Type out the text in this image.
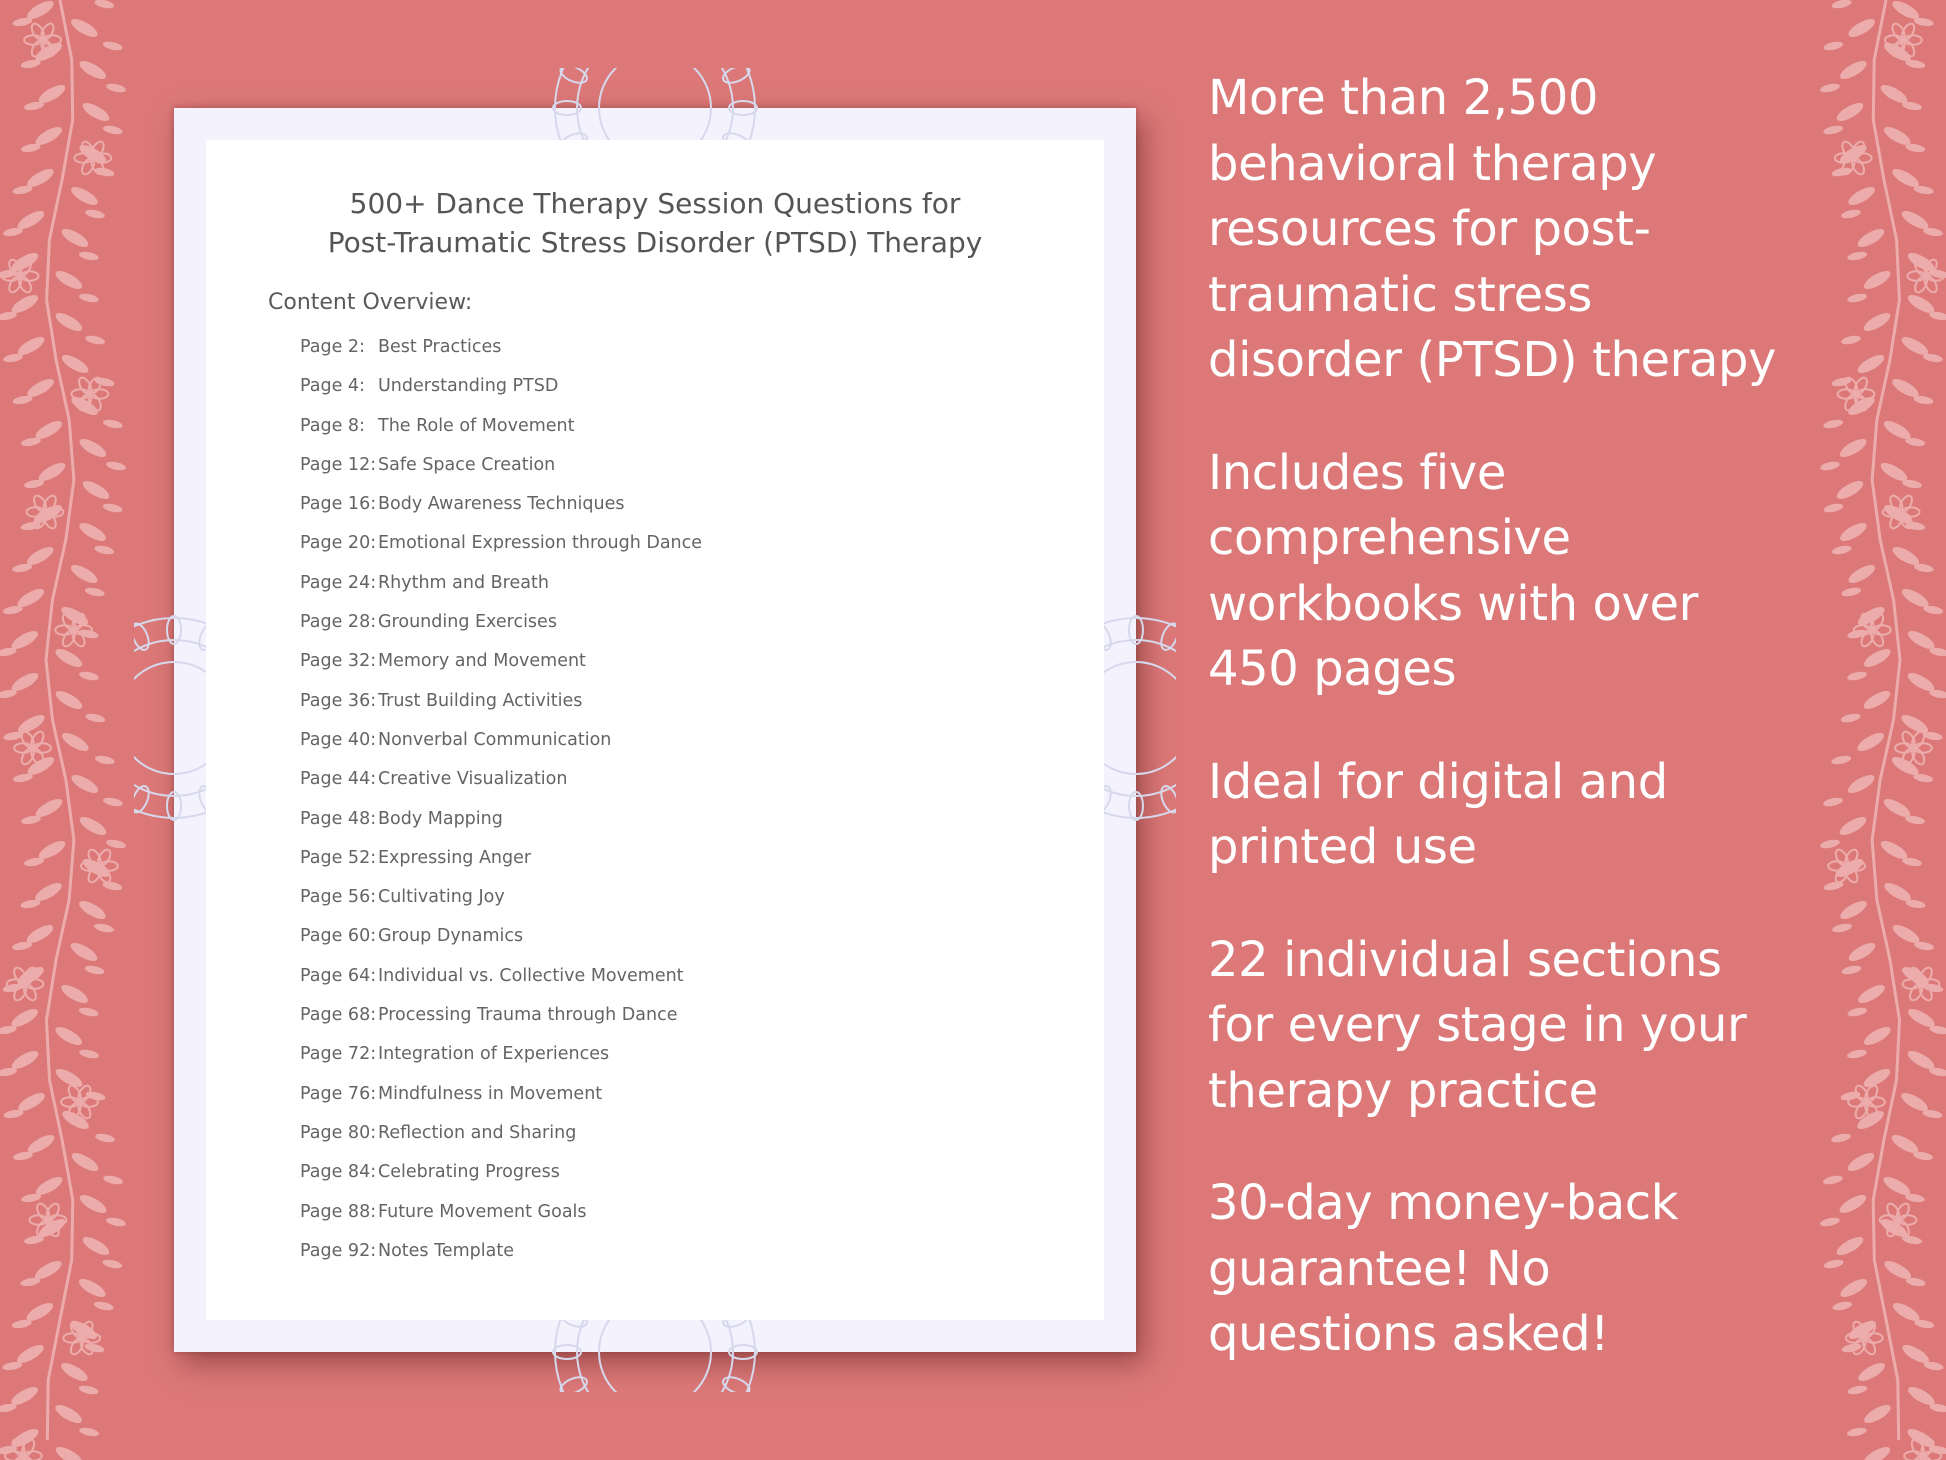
500+ Dance Therapy Session Questions for
Post-Traumatic Stress Disorder (PTSD) Therapy
Content Overview:
Page 2: Best Practices
Page 4: Understanding PTSD
Page 8: The Role of Movement
Page 12: Safe Space Creation
Page 16: Body Awareness Techniques
Page 20: Emotional Expression through Dance
Page 24: Rhythm and Breath
Page 28: Grounding Exercises
Page 32: Memory and Movement
Page 36: Trust Building Activities
Page 40: Nonverbal Communication
Page 44: Creative Visualization
Page 48: Body Mapping
Page 52: Expressing Anger
Page 56: Cultivating Joy
Page 60: Group Dynamics
Page 64: Individual vs. Collective Movement
Page 68: Processing Trauma through Dance
Page 72: Integration of Experiences
Page 76: Mindfulness in Movement
Page 80: Reflection and Sharing
Page 84: Celebrating Progress
Page 88: Future Movement Goals
Page 92: Notes Template

More than 2,500
behavioral therapy
resources for post-
traumatic stress
disorder (PTSD) therapy

Includes five
comprehensive
workbooks with over
450 pages

Ideal for digital and
printed use

22 individual sections
for every stage in your
therapy practice

30-day money-back
guarantee! No
questions asked!
